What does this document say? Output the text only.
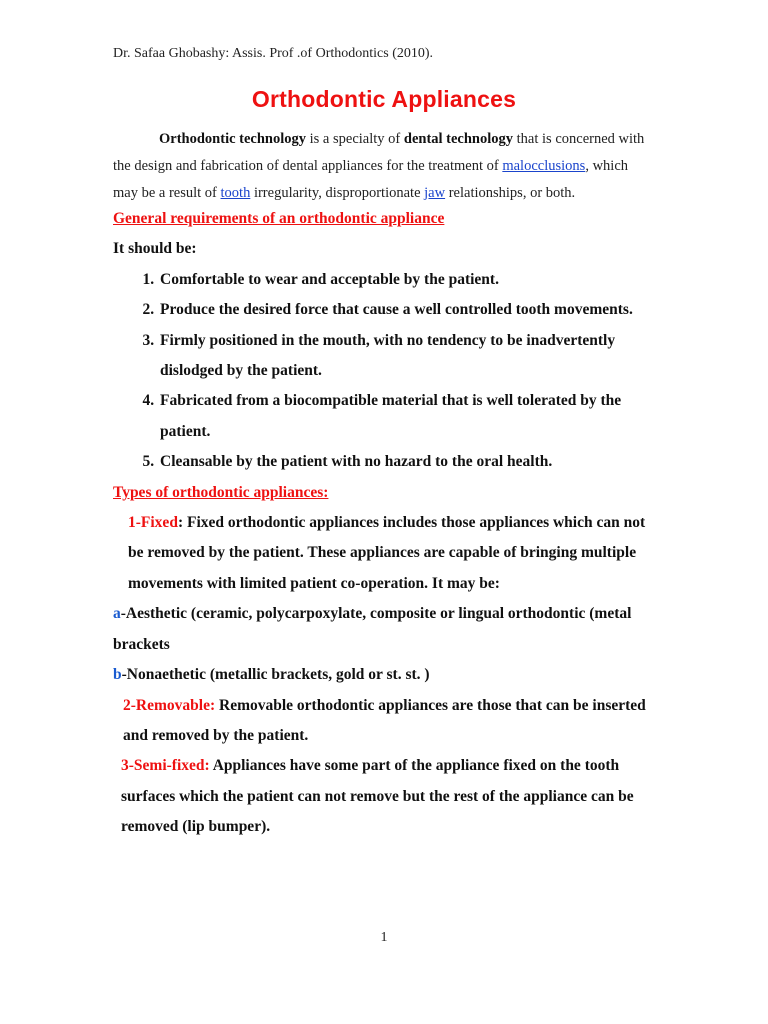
Dr. Safaa Ghobashy: Assis. Prof .of Orthodontics (2010).
Orthodontic Appliances
Orthodontic technology is a specialty of dental technology that is concerned with the design and fabrication of dental appliances for the treatment of malocclusions, which may be a result of tooth irregularity, disproportionate jaw relationships, or both.
General requirements of an orthodontic appliance
It should be:
1. Comfortable to wear and acceptable by the patient.
2. Produce the desired force that cause a well controlled tooth movements.
3. Firmly positioned in the mouth, with no tendency to be inadvertently dislodged by the patient.
4. Fabricated from a biocompatible material that is well tolerated by the patient.
5. Cleansable by the patient with no hazard to the oral health.
Types of orthodontic appliances:
1-Fixed: Fixed orthodontic appliances includes those appliances which can not be removed by the patient. These appliances are capable of bringing multiple movements with limited patient co-operation. It may be:
a-Aesthetic (ceramic, polycarpoxylate, composite or lingual orthodontic (metal brackets
b-Nonaethetic (metallic brackets, gold or st. st. )
2-Removable: Removable orthodontic appliances are those that can be inserted and removed by the patient.
3-Semi-fixed: Appliances have some part of the appliance fixed on the tooth surfaces which the patient can not remove but the rest of the appliance can be removed (lip bumper).
1
